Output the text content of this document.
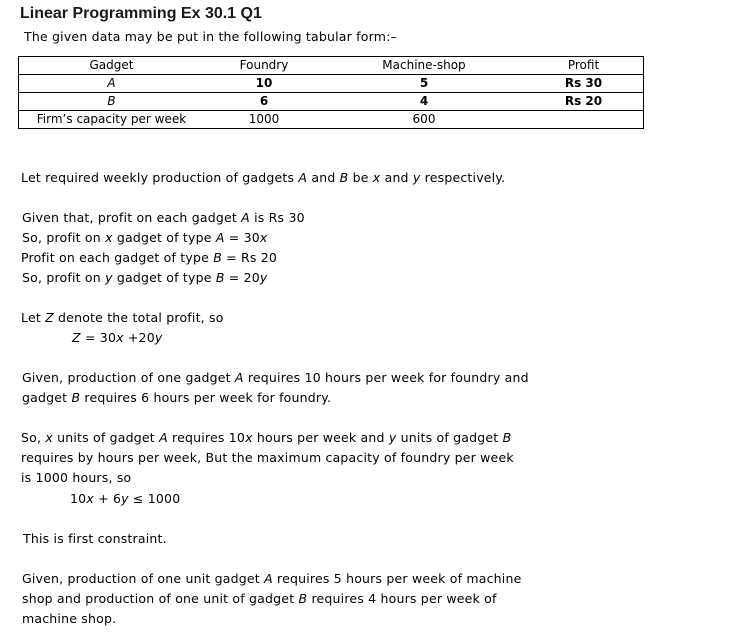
Linear Programming Ex 30.1 Q1
The given data may be put in the following tabular form:–
Gadget	Foundry	Machine-shop	Profit
A	10	5	Rs 30
B	6	4	Rs 20
Firm’s capacity per week	1000	600	
Let required weekly production of gadgets A and B be x and y respectively.
Given that, profit on each gadget A is Rs 30
So, profit on x gadget of type A = 30x
Profit on each gadget of type B = Rs 20
So, profit on y gadget of type B = 20y
Let Z denote the total profit, so
Z = 30x +20y
Given, production of one gadget A requires 10 hours per week for foundry and
gadget B requires 6 hours per week for foundry.
So, x units of gadget A requires 10x hours per week and y units of gadget B
requires by hours per week, But the maximum capacity of foundry per week
is 1000 hours, so
10x + 6y ≤ 1000
This is first constraint.
Given, production of one unit gadget A requires 5 hours per week of machine
shop and production of one unit of gadget B requires 4 hours per week of
machine shop.
